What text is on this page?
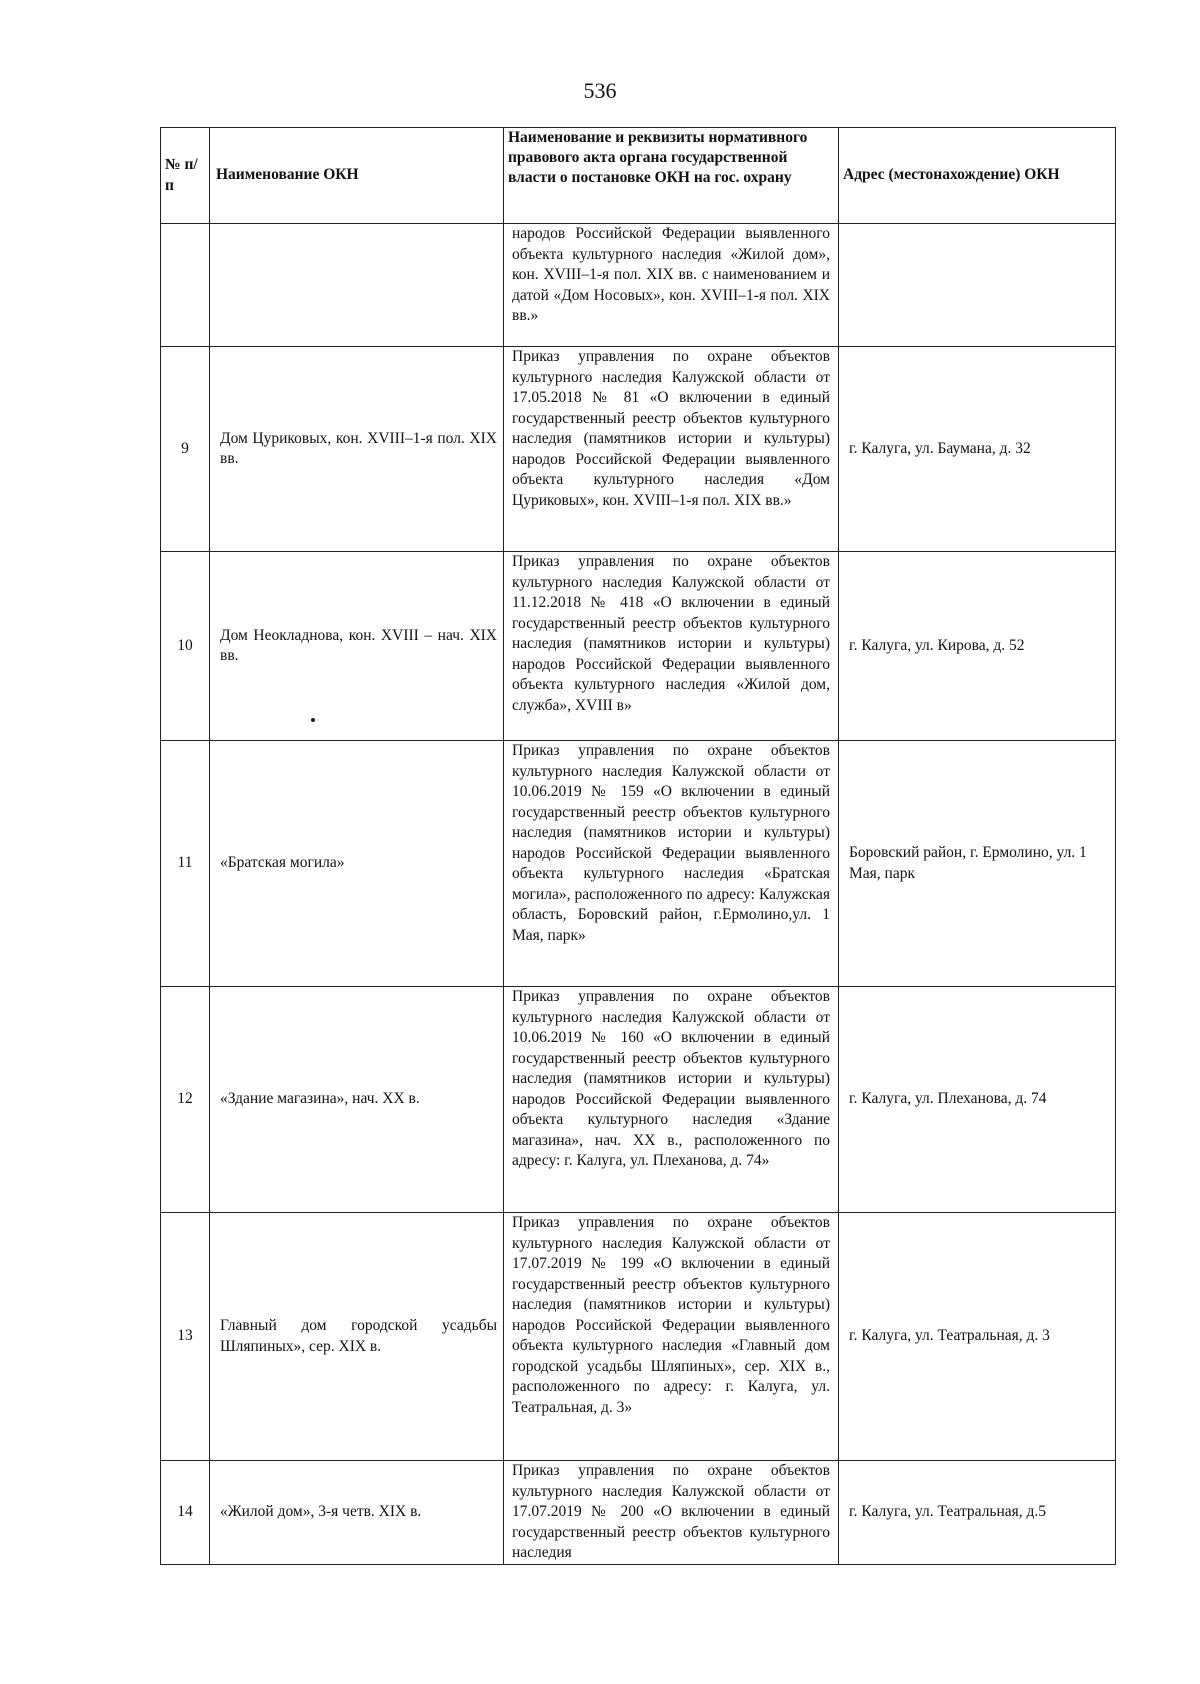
536
№ п/п	Наименование ОКН	Наименование и реквизиты нормативного правового акта органа государственной власти о постановке ОКН на гос. охрану	Адрес (местонахождение) ОКН
		народов Российской Федерации выявленного объекта культурного наследия «Жилой дом», кон. XVIII–1-я пол. XIX вв. с наименованием и датой «Дом Носовых», кон. XVIII–1-я пол. XIX вв.»	
9	Дом Цуриковых, кон. XVIII–1-я пол. XIX вв.	Приказ управления по охране объектов культурного наследия Калужской области от 17.05.2018 № 81 «О включении в единый государственный реестр объектов культурного наследия (памятников истории и культуры) народов Российской Федерации выявленного объекта культурного наследия «Дом Цуриковых», кон. XVIII–1-я пол. XIX вв.»	г. Калуга, ул. Баумана, д. 32
10	Дом Неокладнова, кон. XVIII – нач. XIX вв.	Приказ управления по охране объектов культурного наследия Калужской области от 11.12.2018 № 418 «О включении в единый государственный реестр объектов культурного наследия (памятников истории и культуры) народов Российской Федерации выявленного объекта культурного наследия «Жилой дом, служба», XVIII в»	г. Калуга, ул. Кирова, д. 52
11	«Братская могила»	Приказ управления по охране объектов культурного наследия Калужской области от 10.06.2019 № 159 «О включении в единый государственный реестр объектов культурного наследия (памятников истории и культуры) народов Российской Федерации выявленного объекта культурного наследия «Братская могила», расположенного по адресу: Калужская область, Боровский район, г.Ермолино,ул. 1 Мая, парк»	Боровский район, г. Ермолино, ул. 1 Мая, парк
12	«Здание магазина», нач. XX в.	Приказ управления по охране объектов культурного наследия Калужской области от 10.06.2019 № 160 «О включении в единый государственный реестр объектов культурного наследия (памятников истории и культуры) народов Российской Федерации выявленного объекта культурного наследия «Здание магазина», нач. XX в., расположенного по адресу: г. Калуга, ул. Плеханова, д. 74»	г. Калуга, ул. Плеханова, д. 74
13	Главный дом городской усадьбы Шляпиных», сер. XIX в.	Приказ управления по охране объектов культурного наследия Калужской области от 17.07.2019 № 199 «О включении в единый государственный реестр объектов культурного наследия (памятников истории и культуры) народов Российской Федерации выявленного объекта культурного наследия «Главный дом городской усадьбы Шляпиных», сер. XIX в., расположенного по адресу: г. Калуга, ул. Театральная, д. 3»	г. Калуга, ул. Театральная, д. 3
14	«Жилой дом», 3-я четв. XIX в.	Приказ управления по охране объектов культурного наследия Калужской области от 17.07.2019 № 200 «О включении в единый государственный реестр объектов культурного наследия	г. Калуга, ул. Театральная, д.5
